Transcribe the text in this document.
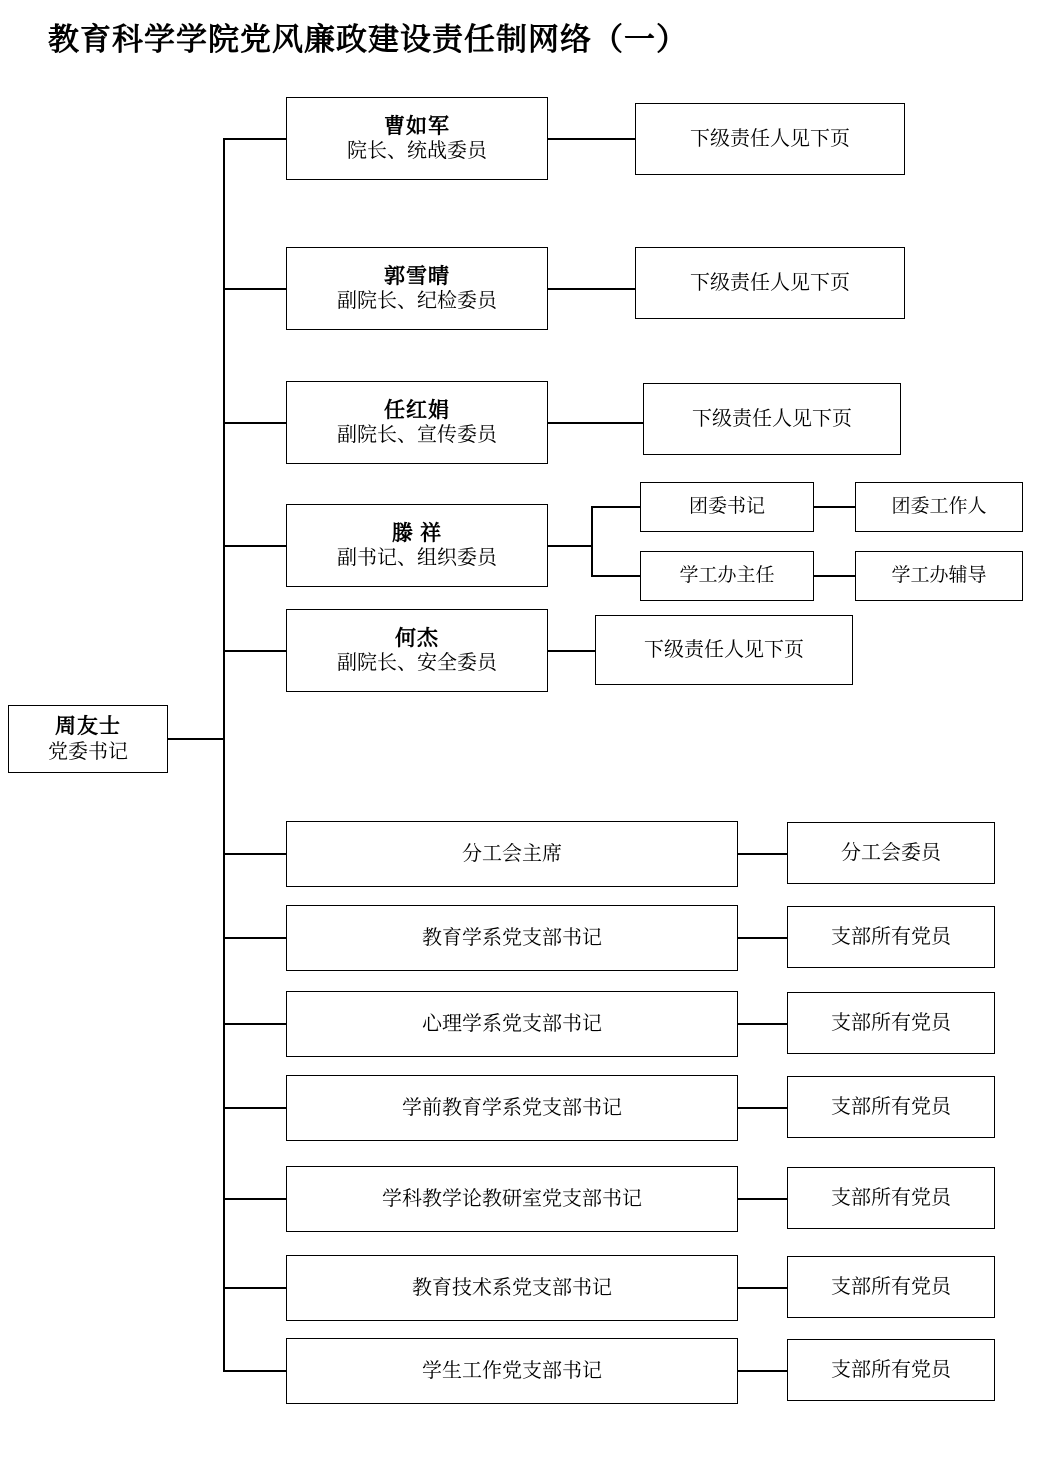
教育科学学院党风廉政建设责任制网络（一）
周友士
党委书记
曹如军
院长、统战委员
下级责任人见下页
郭雪晴
副院长、纪检委员
下级责任人见下页
任红娟
副院长、宣传委员
下级责任人见下页
滕 祥
副书记、组织委员
团委书记	团委工作人
学工办主任	学工办辅导
何杰
副院长、安全委员
下级责任人见下页
分工会主席	分工会委员
教育学系党支部书记	支部所有党员
心理学系党支部书记	支部所有党员
学前教育学系党支部书记	支部所有党员
学科教学论教研室党支部书记	支部所有党员
教育技术系党支部书记	支部所有党员
学生工作党支部书记	支部所有党员
